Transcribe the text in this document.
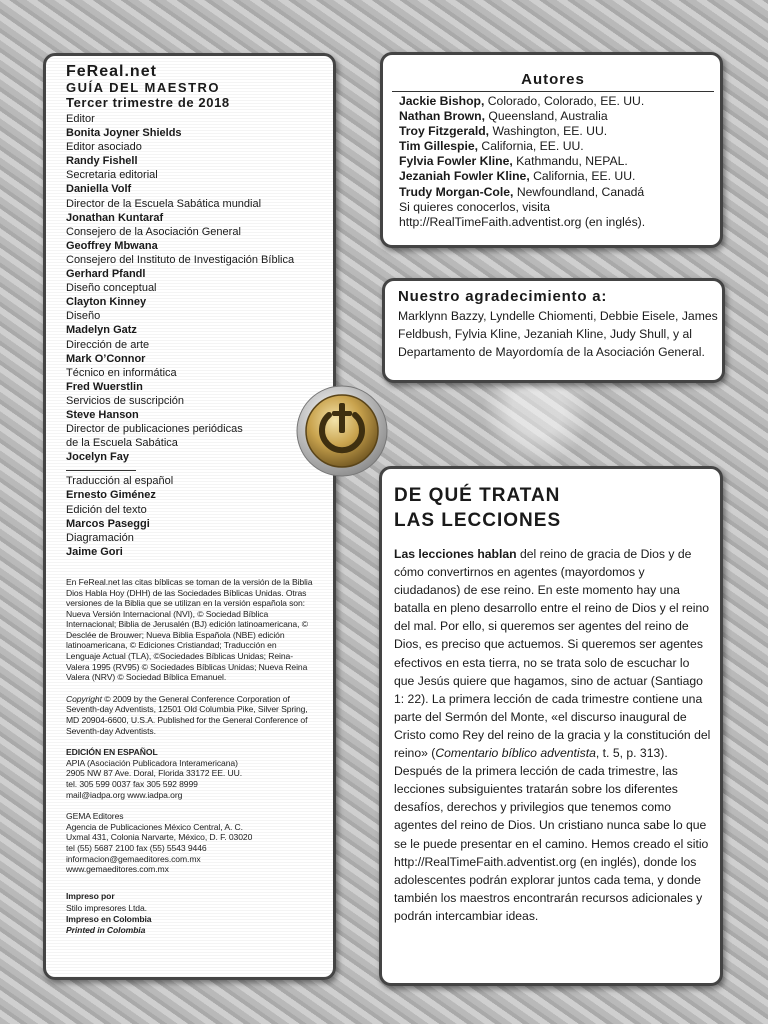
FeReal.net
GUÍA DEL MAESTRO
Tercer trimestre de 2018
Editor
Bonita Joyner Shields
Editor asociado
Randy Fishell
Secretaria editorial
Daniella Volf
Director de la Escuela Sabática mundial
Jonathan Kuntaraf
Consejero de la Asociación General
Geoffrey Mbwana
Consejero del Instituto de Investigación Bíblica
Gerhard Pfandl
Diseño conceptual
Clayton Kinney
Diseño
Madelyn Gatz
Dirección de arte
Mark O’Connor
Técnico en informática
Fred Wuerstlin
Servicios de suscripción
Steve Hanson
Director de publicaciones periódicas
de la Escuela Sabática
Jocelyn Fay
Traducción al español
Ernesto Giménez
Edición del texto
Marcos Paseggi
Diagramación
Jaime Gori
En FeReal.net las citas bíblicas se toman de la versión de la Biblia Dios Habla Hoy (DHH) de las Sociedades Bíblicas Unidas. Otras versiones de la Biblia que se utilizan en la versión española son: Nueva Versión Internacional (NVI), © Sociedad Bíblica Internacional; Biblia de Jerusalén (BJ) edición latinoamericana, © Desclée de Brouwer; Nueva Biblia Española (NBE) edición latinoamericana, © Ediciones Cristiandad; Traducción en Lenguaje Actual (TLA), ©Sociedades Bíblicas Unidas; Reina-Valera 1995 (RV95) © Sociedades Bíblicas Unidas; Nueva Reina Valera (NRV) © Sociedad Bíblica Emanuel.
Copyright © 2009 by the General Conference Corporation of Seventh-day Adventists, 12501 Old Columbia Pike, Silver Spring, MD 20904-6600, U.S.A. Published for the General Conference of Seventh-day Adventists.
EDICIÓN EN ESPAÑOL
APIA (Asociación Publicadora Interamericana)
2905 NW 87 Ave. Doral, Florida 33172 EE. UU.
tel. 305 599 0037 fax 305 592 8999
mail@iadpa.org www.iadpa.org
GEMA Editores
Agencia de Publicaciones México Central, A. C.
Uxmal 431, Colonia Narvarte, México, D. F. 03020
tel (55) 5687 2100 fax (55) 5543 9446
informacion@gemaeditores.com.mx
www.gemaeditores.com.mx
Impreso por
Stilo impresores Ltda.
Impreso en Colombia
Printed in Colombia
Autores
Jackie Bishop, Colorado, Colorado, EE. UU.
Nathan Brown, Queensland, Australia
Troy Fitzgerald, Washington, EE. UU.
Tim Gillespie, California, EE. UU.
Fylvia Fowler Kline, Kathmandu, NEPAL.
Jezaniah Fowler Kline, California, EE. UU.
Trudy Morgan-Cole, Newfoundland, Canadá
Si quieres conocerlos, visita
http://RealTimeFaith.adventist.org (en inglés).
Nuestro agradecimiento a:

Marklynn Bazzy, Lyndelle Chiomenti, Debbie Eisele, James Feldbush, Fylvia Kline, Jezaniah Kline, Judy Shull, y al Departamento de Mayordomía de la Asociación General.

DE QUÉ TRATAN
LAS LECCIONES

Las lecciones hablan del reino de gracia de Dios y de cómo convertirnos en agentes (mayordomos y ciudadanos) de ese reino. En este momento hay una batalla en pleno desarrollo entre el reino de Dios y el reino del mal. Por ello, si queremos ser agentes del reino de Dios, es preciso que actuemos. Si queremos ser agentes efectivos en esta tierra, no se trata solo de escuchar lo que Jesús quiere que hagamos, sino de actuar (Santiago 1: 22). La primera lección de cada trimestre contiene una parte del Sermón del Monte, «el discurso inaugural de Cristo como Rey del reino de la gracia y la constitución del reino» (Comentario bíblico adventista, t. 5, p. 313). Después de la primera lección de cada trimestre, las lecciones subsiguientes tratarán sobre los diferentes desafíos, derechos y privilegios que tenemos como agentes del reino de Dios. Un cristiano nunca sabe lo que se le puede presentar en el camino. Hemos creado el sitio http://RealTimeFaith.adventist.org (en inglés), donde los adolescentes podrán explorar juntos cada tema, y donde también los maestros encontrarán recursos adicionales y podrán intercambiar ideas.
